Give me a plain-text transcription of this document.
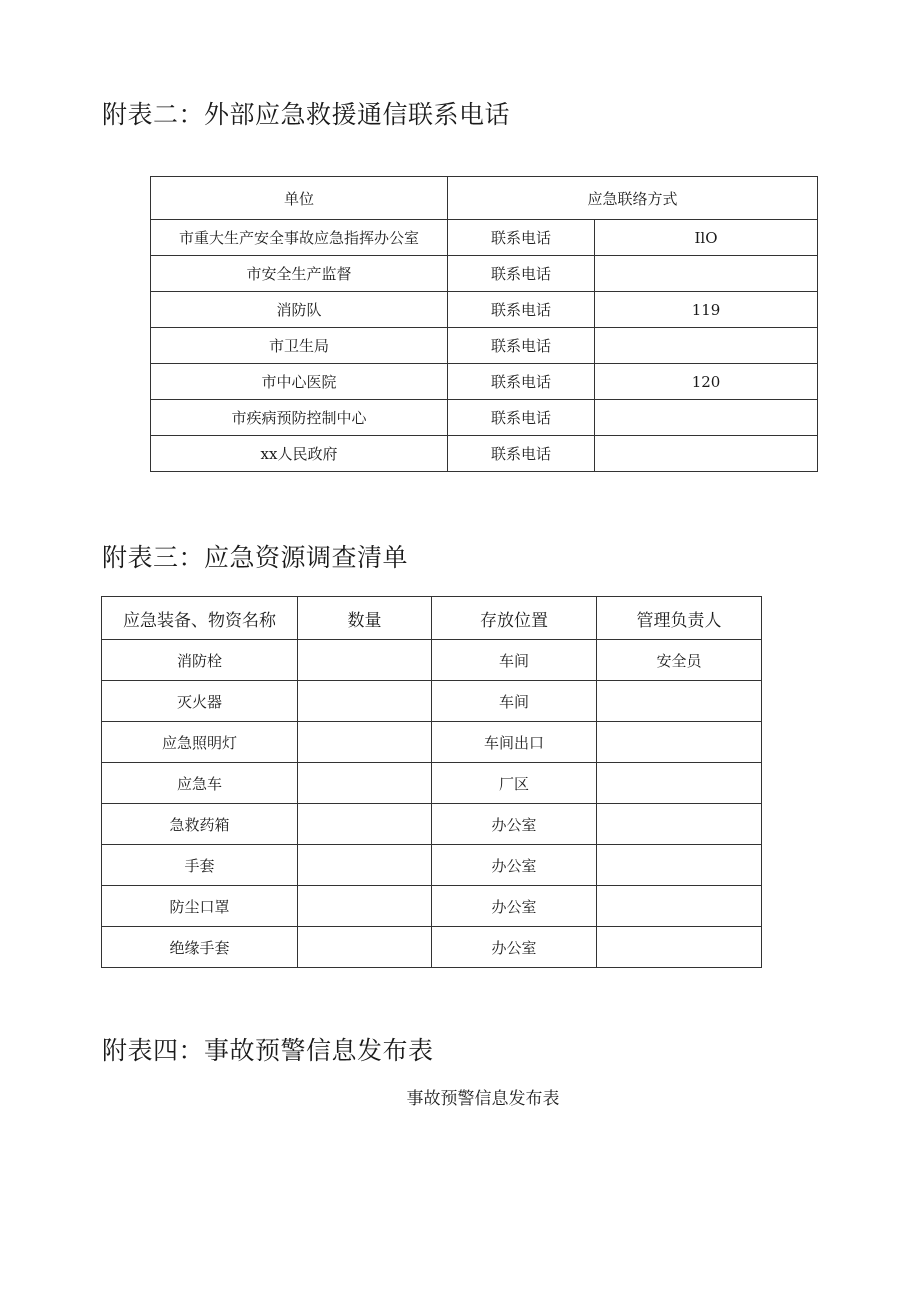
附表二：外部应急救援通信联系电话
单位	应急联络方式	
市重大生产安全事故应急指挥办公室	联系电话	IlO
市安全生产监督	联系电话	
消防队	联系电话	119
市卫生局	联系电话	
市中心医院	联系电话	120
市疾病预防控制中心	联系电话	
xx人民政府	联系电话	
附表三：应急资源调查清单
应急装备、物资名称	数量	存放位置	管理负责人
消防栓		车间	安全员
灭火器		车间	
应急照明灯		车间出口	
应急车		厂区	
急救药箱		办公室	
手套		办公室	
防尘口罩		办公室	
绝缘手套		办公室	
附表四：事故预警信息发布表
事故预警信息发布表
